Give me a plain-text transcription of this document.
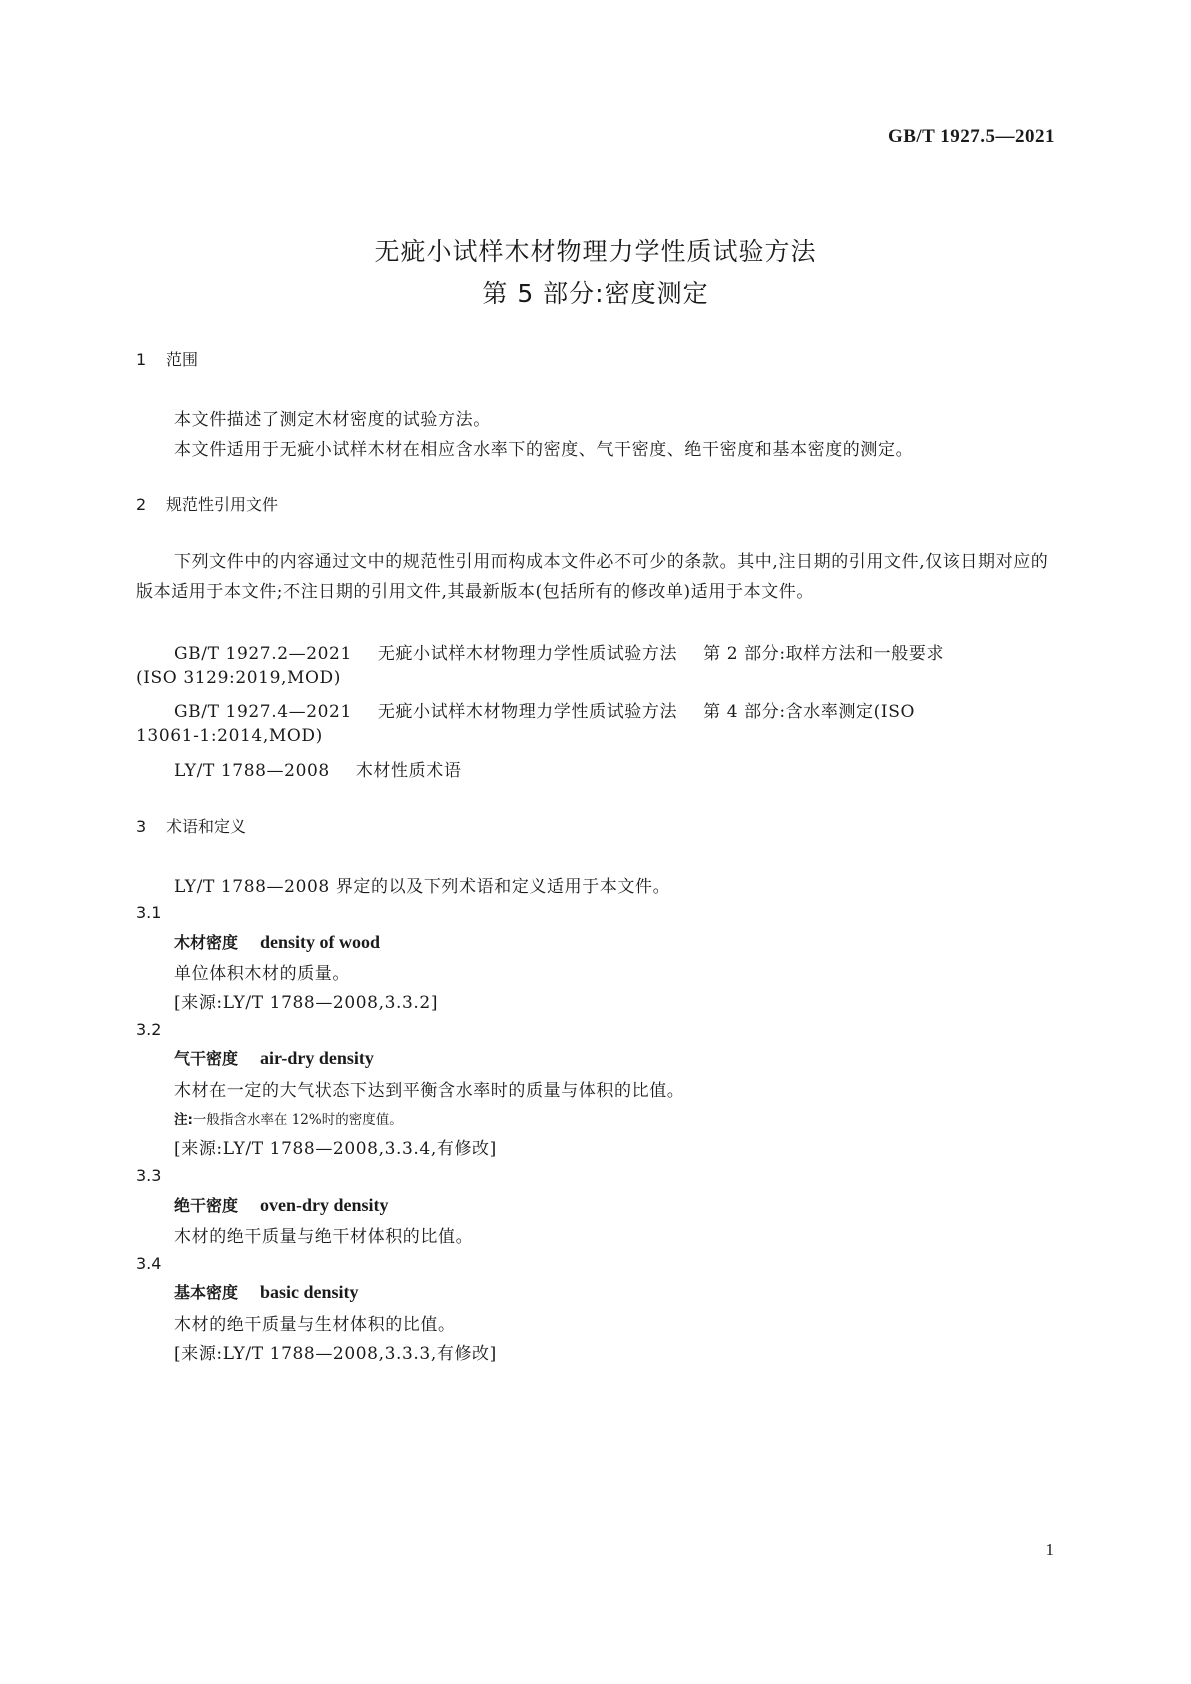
GB/T 1927.5—2021
无疵小试样木材物理力学性质试验方法
第 5 部分:密度测定
1 范围
本文件描述了测定木材密度的试验方法。
本文件适用于无疵小试样木材在相应含水率下的密度、气干密度、绝干密度和基本密度的测定。
2 规范性引用文件
下列文件中的内容通过文中的规范性引用而构成本文件必不可少的条款。其中,注日期的引用文件,仅该日期对应的版本适用于本文件;不注日期的引用文件,其最新版本(包括所有的修改单)适用于本文件。
GB/T 1927.2—2021 无疵小试样木材物理力学性质试验方法 第 2 部分:取样方法和一般要求
(ISO 3129:2019,MOD)
GB/T 1927.4—2021 无疵小试样木材物理力学性质试验方法 第 4 部分:含水率测定(ISO
13061-1:2014,MOD)
LY/T 1788—2008 木材性质术语
3 术语和定义
LY/T 1788—2008 界定的以及下列术语和定义适用于本文件。
3.1
木材密度 density of wood
单位体积木材的质量。
[来源:LY/T 1788—2008,3.3.2]
3.2
气干密度 air-dry density
木材在一定的大气状态下达到平衡含水率时的质量与体积的比值。
注:一般指含水率在 12%时的密度值。
[来源:LY/T 1788—2008,3.3.4,有修改]
3.3
绝干密度 oven-dry density
木材的绝干质量与绝干材体积的比值。
3.4
基本密度 basic density
木材的绝干质量与生材体积的比值。
[来源:LY/T 1788—2008,3.3.3,有修改]
1
